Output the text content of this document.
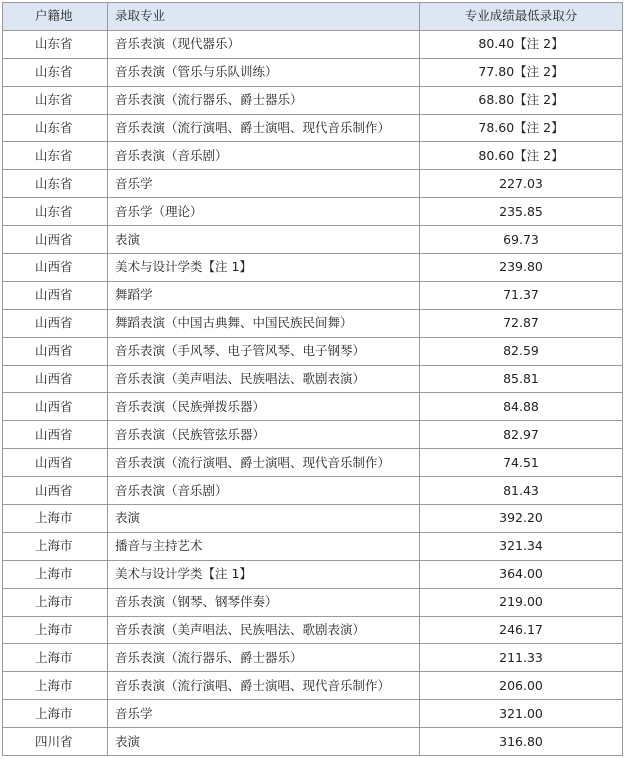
户籍地	录取专业	专业成绩最低录取分
山东省	音乐表演（现代器乐）	80.40【注 2】
山东省	音乐表演（管乐与乐队训练）	77.80【注 2】
山东省	音乐表演（流行器乐、爵士器乐）	68.80【注 2】
山东省	音乐表演（流行演唱、爵士演唱、现代音乐制作）	78.60【注 2】
山东省	音乐表演（音乐剧）	80.60【注 2】
山东省	音乐学	227.03
山东省	音乐学（理论）	235.85
山西省	表演	69.73
山西省	美术与设计学类【注 1】	239.80
山西省	舞蹈学	71.37
山西省	舞蹈表演（中国古典舞、中国民族民间舞）	72.87
山西省	音乐表演（手风琴、电子管风琴、电子钢琴）	82.59
山西省	音乐表演（美声唱法、民族唱法、歌剧表演）	85.81
山西省	音乐表演（民族弹拨乐器）	84.88
山西省	音乐表演（民族管弦乐器）	82.97
山西省	音乐表演（流行演唱、爵士演唱、现代音乐制作）	74.51
山西省	音乐表演（音乐剧）	81.43
上海市	表演	392.20
上海市	播音与主持艺术	321.34
上海市	美术与设计学类【注 1】	364.00
上海市	音乐表演（钢琴、钢琴伴奏）	219.00
上海市	音乐表演（美声唱法、民族唱法、歌剧表演）	246.17
上海市	音乐表演（流行器乐、爵士器乐）	211.33
上海市	音乐表演（流行演唱、爵士演唱、现代音乐制作）	206.00
上海市	音乐学	321.00
四川省	表演	316.80
